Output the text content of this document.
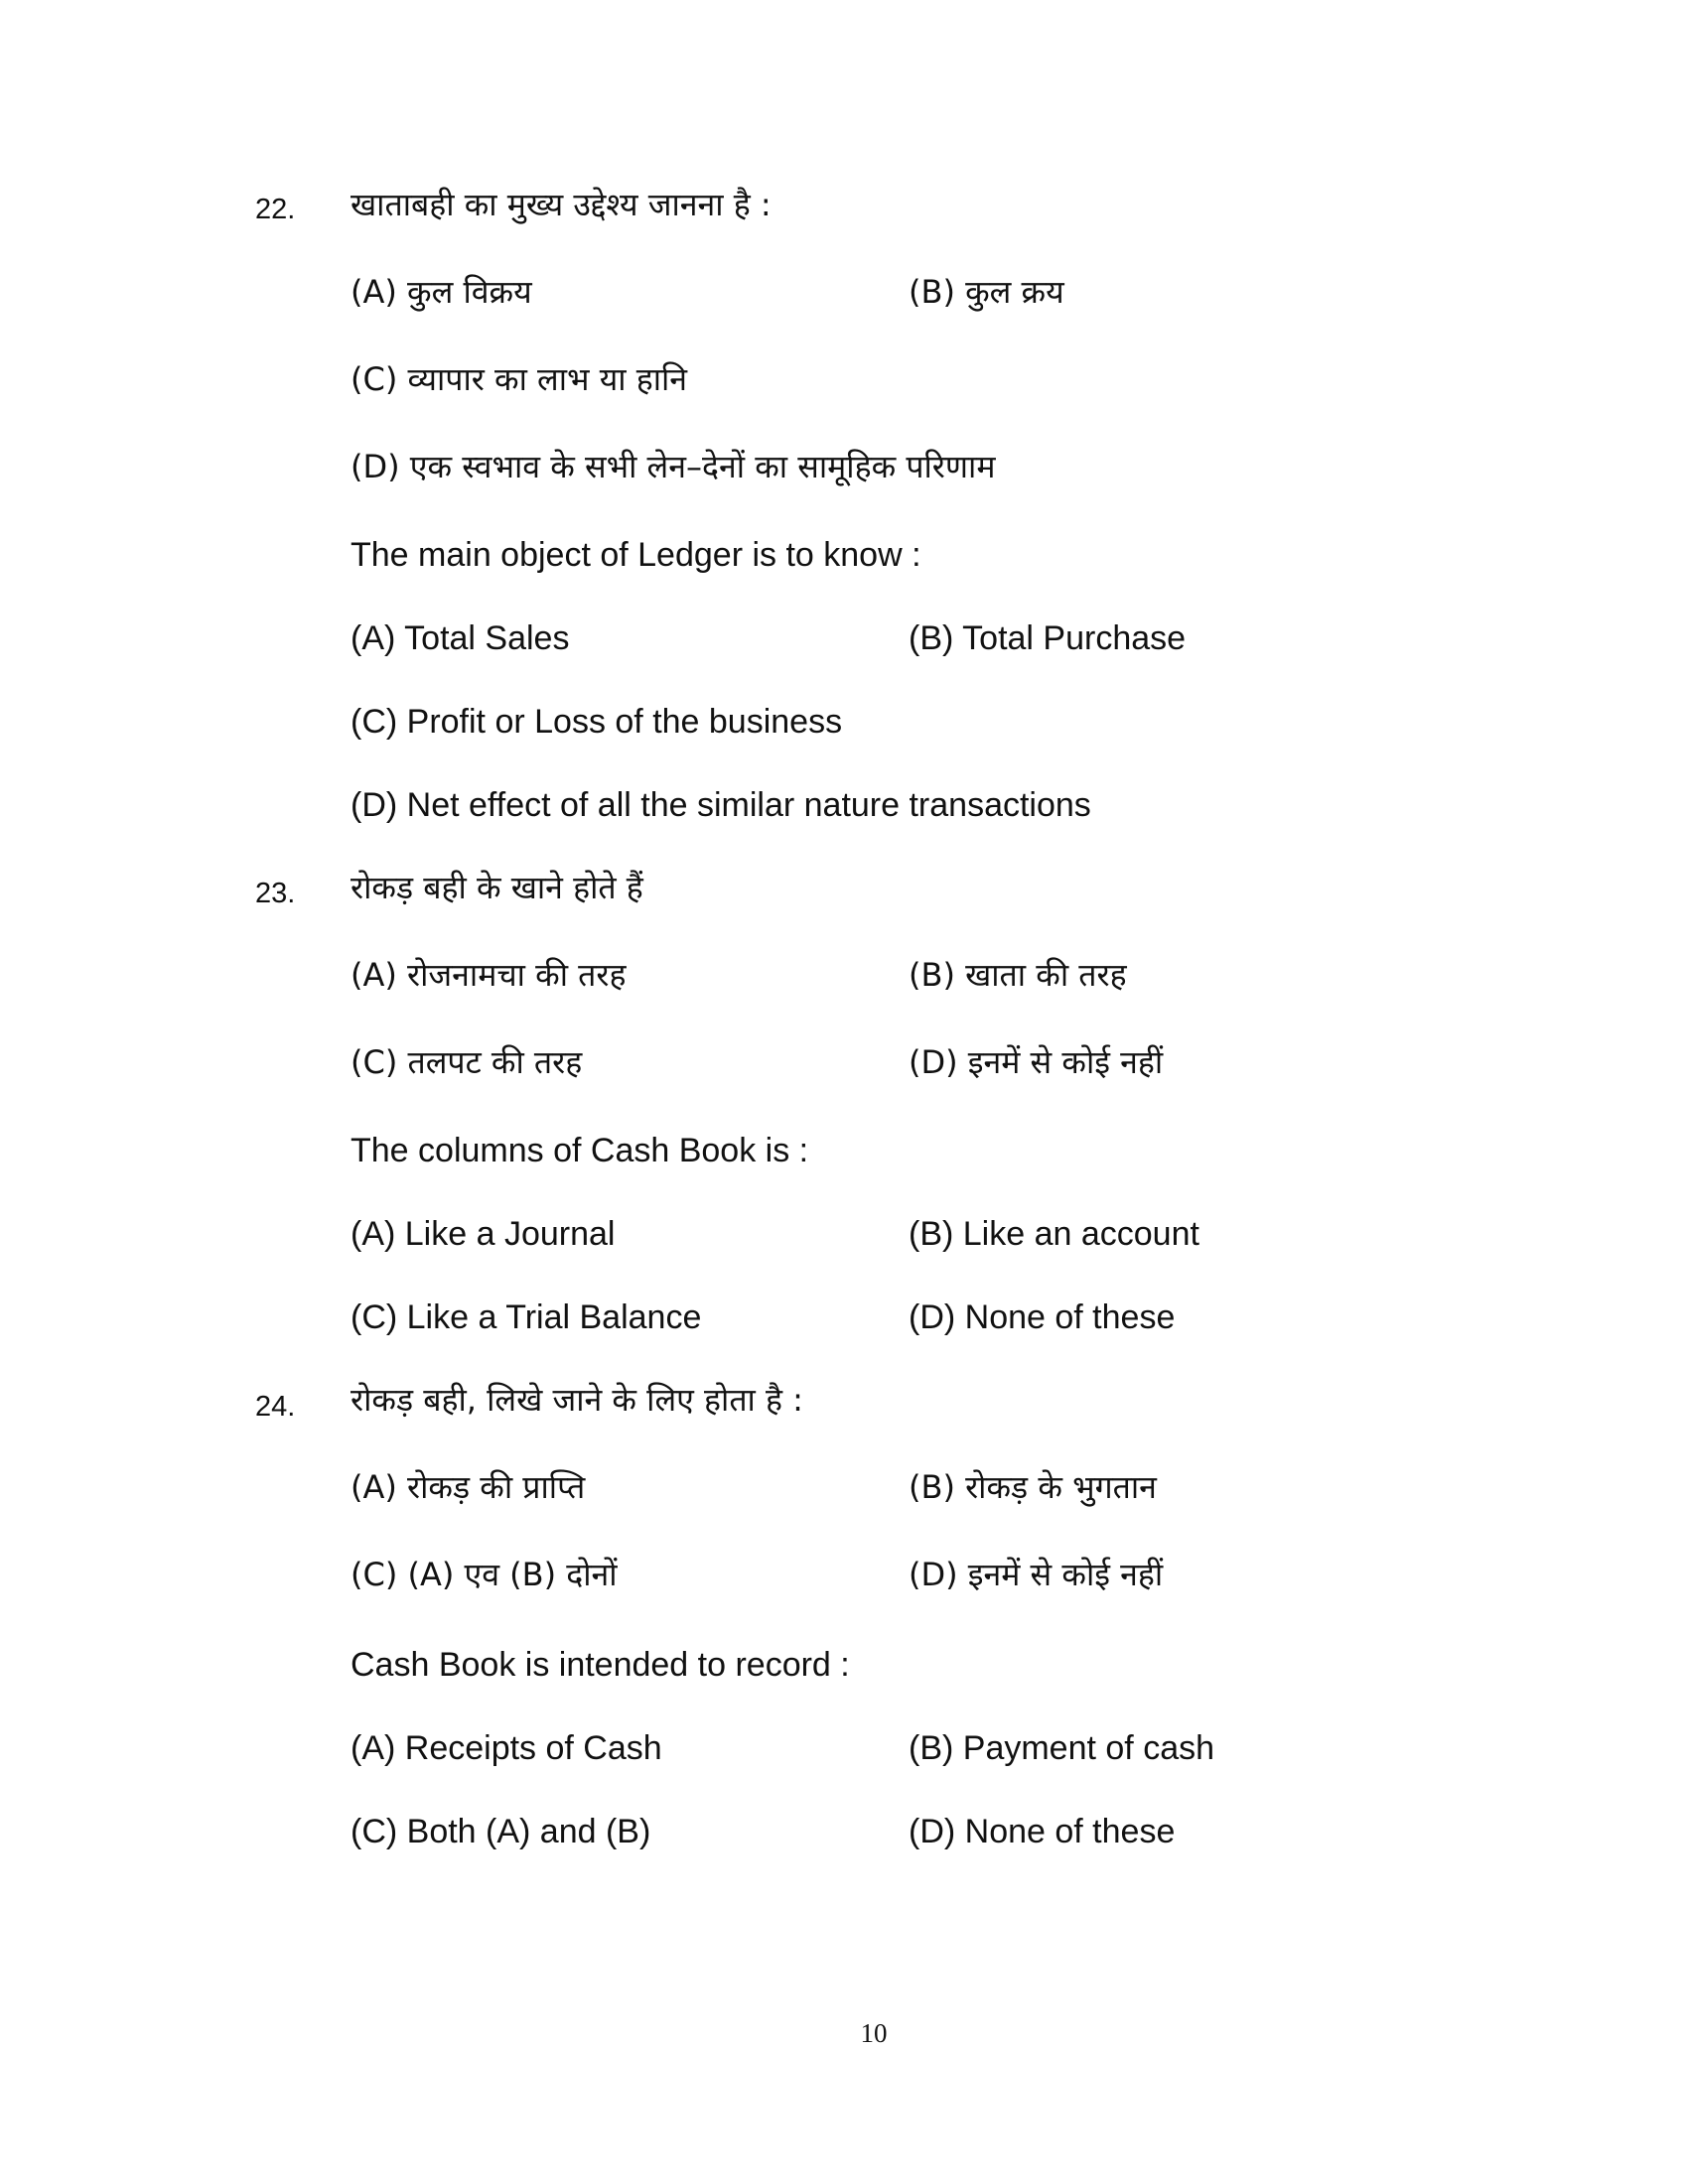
22. खाताबही का मुख्य उद्देश्य जानना है :
(A) कुल विक्रय	(B) कुल क्रय
(C) व्यापार का लाभ या हानि
(D) एक स्वभाव के सभी लेन–देनों का सामूहिक परिणाम
The main object of Ledger is to know :
(A) Total Sales	(B) Total Purchase
(C) Profit or Loss of the business
(D) Net effect of all the similar nature transactions
23. रोकड़ बही के खाने होते हैं
(A) रोजनामचा की तरह	(B) खाता की तरह
(C) तलपट की तरह	(D) इनमें से कोई नहीं
The columns of Cash Book is :
(A) Like a Journal	(B) Like an account
(C) Like a Trial Balance	(D) None of these
24. रोकड़ बही, लिखे जाने के लिए होता है :
(A) रोकड़ की प्राप्ति	(B) रोकड़ के भुगतान
(C) (A) एव (B) दोनों	(D) इनमें से कोई नहीं
Cash Book is intended to record :
(A) Receipts of Cash	(B) Payment of cash
(C) Both (A) and (B)	(D) None of these
10
